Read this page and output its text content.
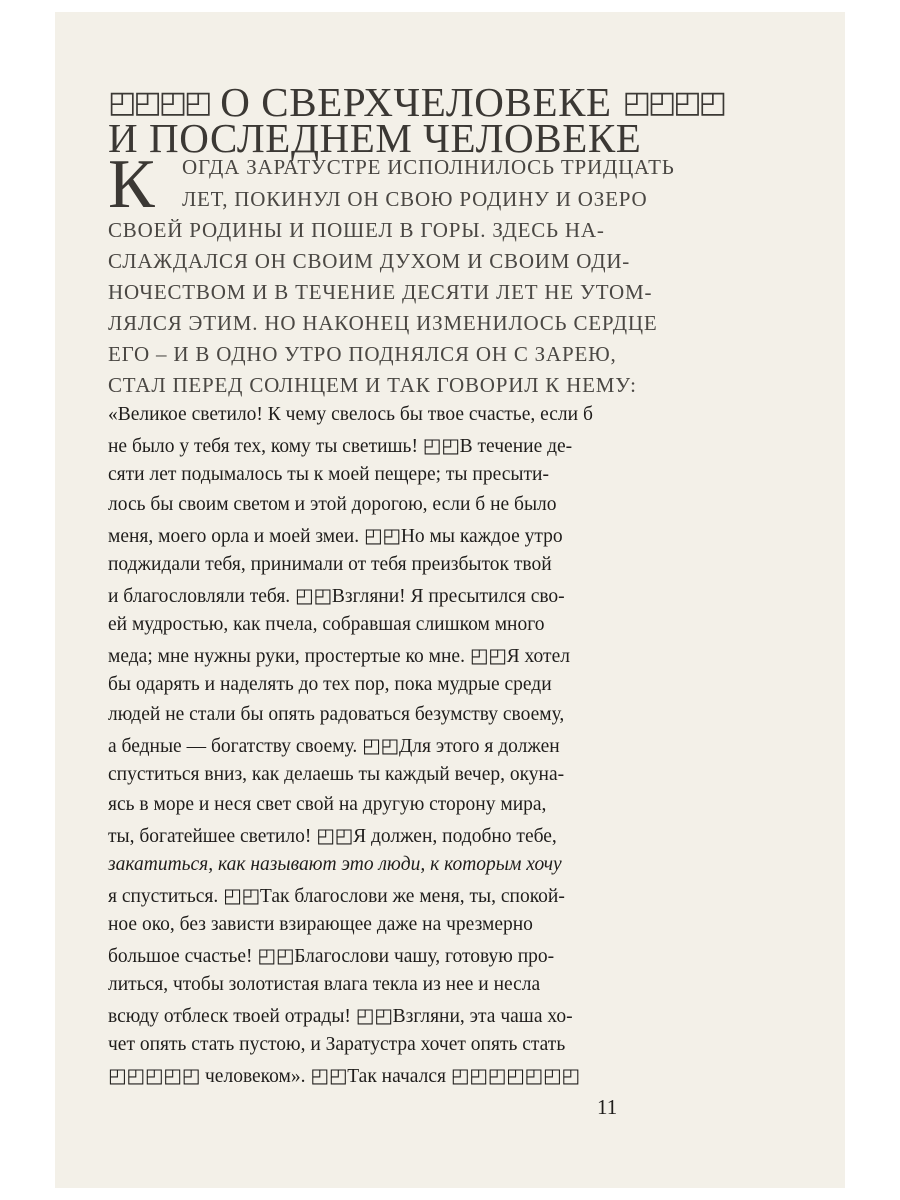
◰◰◰◰ О СВЕРХЧЕЛОВЕКЕ ◰◰◰◰
И ПОСЛЕДНЕМ ЧЕЛОВЕКЕ
К ОГДА ЗАРАТУСТРЕ ИСПОЛНИЛОСЬ ТРИДЦАТЬ
ЛЕТ, ПОКИНУЛ ОН СВОЮ РОДИНУ И ОЗЕРО
СВОЕЙ РОДИНЫ И ПОШЕЛ В ГОРЫ. ЗДЕСЬ НА-
СЛАЖДАЛСЯ ОН СВОИМ ДУХОМ И СВОИМ ОДИ-
НОЧЕСТВОМ И В ТЕЧЕНИЕ ДЕСЯТИ ЛЕТ НЕ УТОМ-
ЛЯЛСЯ ЭТИМ. НО НАКОНЕЦ ИЗМЕНИЛОСЬ СЕРДЦЕ
ЕГО – И В ОДНО УТРО ПОДНЯЛСЯ ОН С ЗАРЕЮ,
СТАЛ ПЕРЕД СОЛНЦЕМ И ТАК ГОВОРИЛ К НЕМУ:
«Великое светило! К чему свелось бы твое счастье, если б
не было у тебя тех, кому ты светишь! ◰◰В течение де-
сяти лет подымалось ты к моей пещере; ты пресыти-
лось бы своим светом и этой дорогою, если б не было
меня, моего орла и моей змеи. ◰◰Но мы каждое утро
поджидали тебя, принимали от тебя преизбыток твой
и благословляли тебя. ◰◰Взгляни! Я пресытился сво-
ей мудростью, как пчела, собравшая слишком много
меда; мне нужны руки, простертые ко мне. ◰◰Я хотел
бы одарять и наделять до тех пор, пока мудрые среди
людей не стали бы опять радоваться безумству своему,
а бедные — богатству своему. ◰◰Для этого я должен
спуститься вниз, как делаешь ты каждый вечер, окуна-
ясь в море и неся свет свой на другую сторону мира,
ты, богатейшее светило! ◰◰Я должен, подобно тебе,
закатиться, как называют это люди, к которым хочу
я спуститься. ◰◰Так благослови же меня, ты, спокой-
ное око, без зависти взирающее даже на чрезмерно
большое счастье! ◰◰Благослови чашу, готовую про-
литься, чтобы золотистая влага текла из нее и несла
всюду отблеск твоей отрады! ◰◰Взгляни, эта чаша хо-
чет опять стать пустою, и Заратустра хочет опять стать
◰◰◰◰◰ человеком». ◰◰Так начался ◰◰◰◰◰◰◰
11
